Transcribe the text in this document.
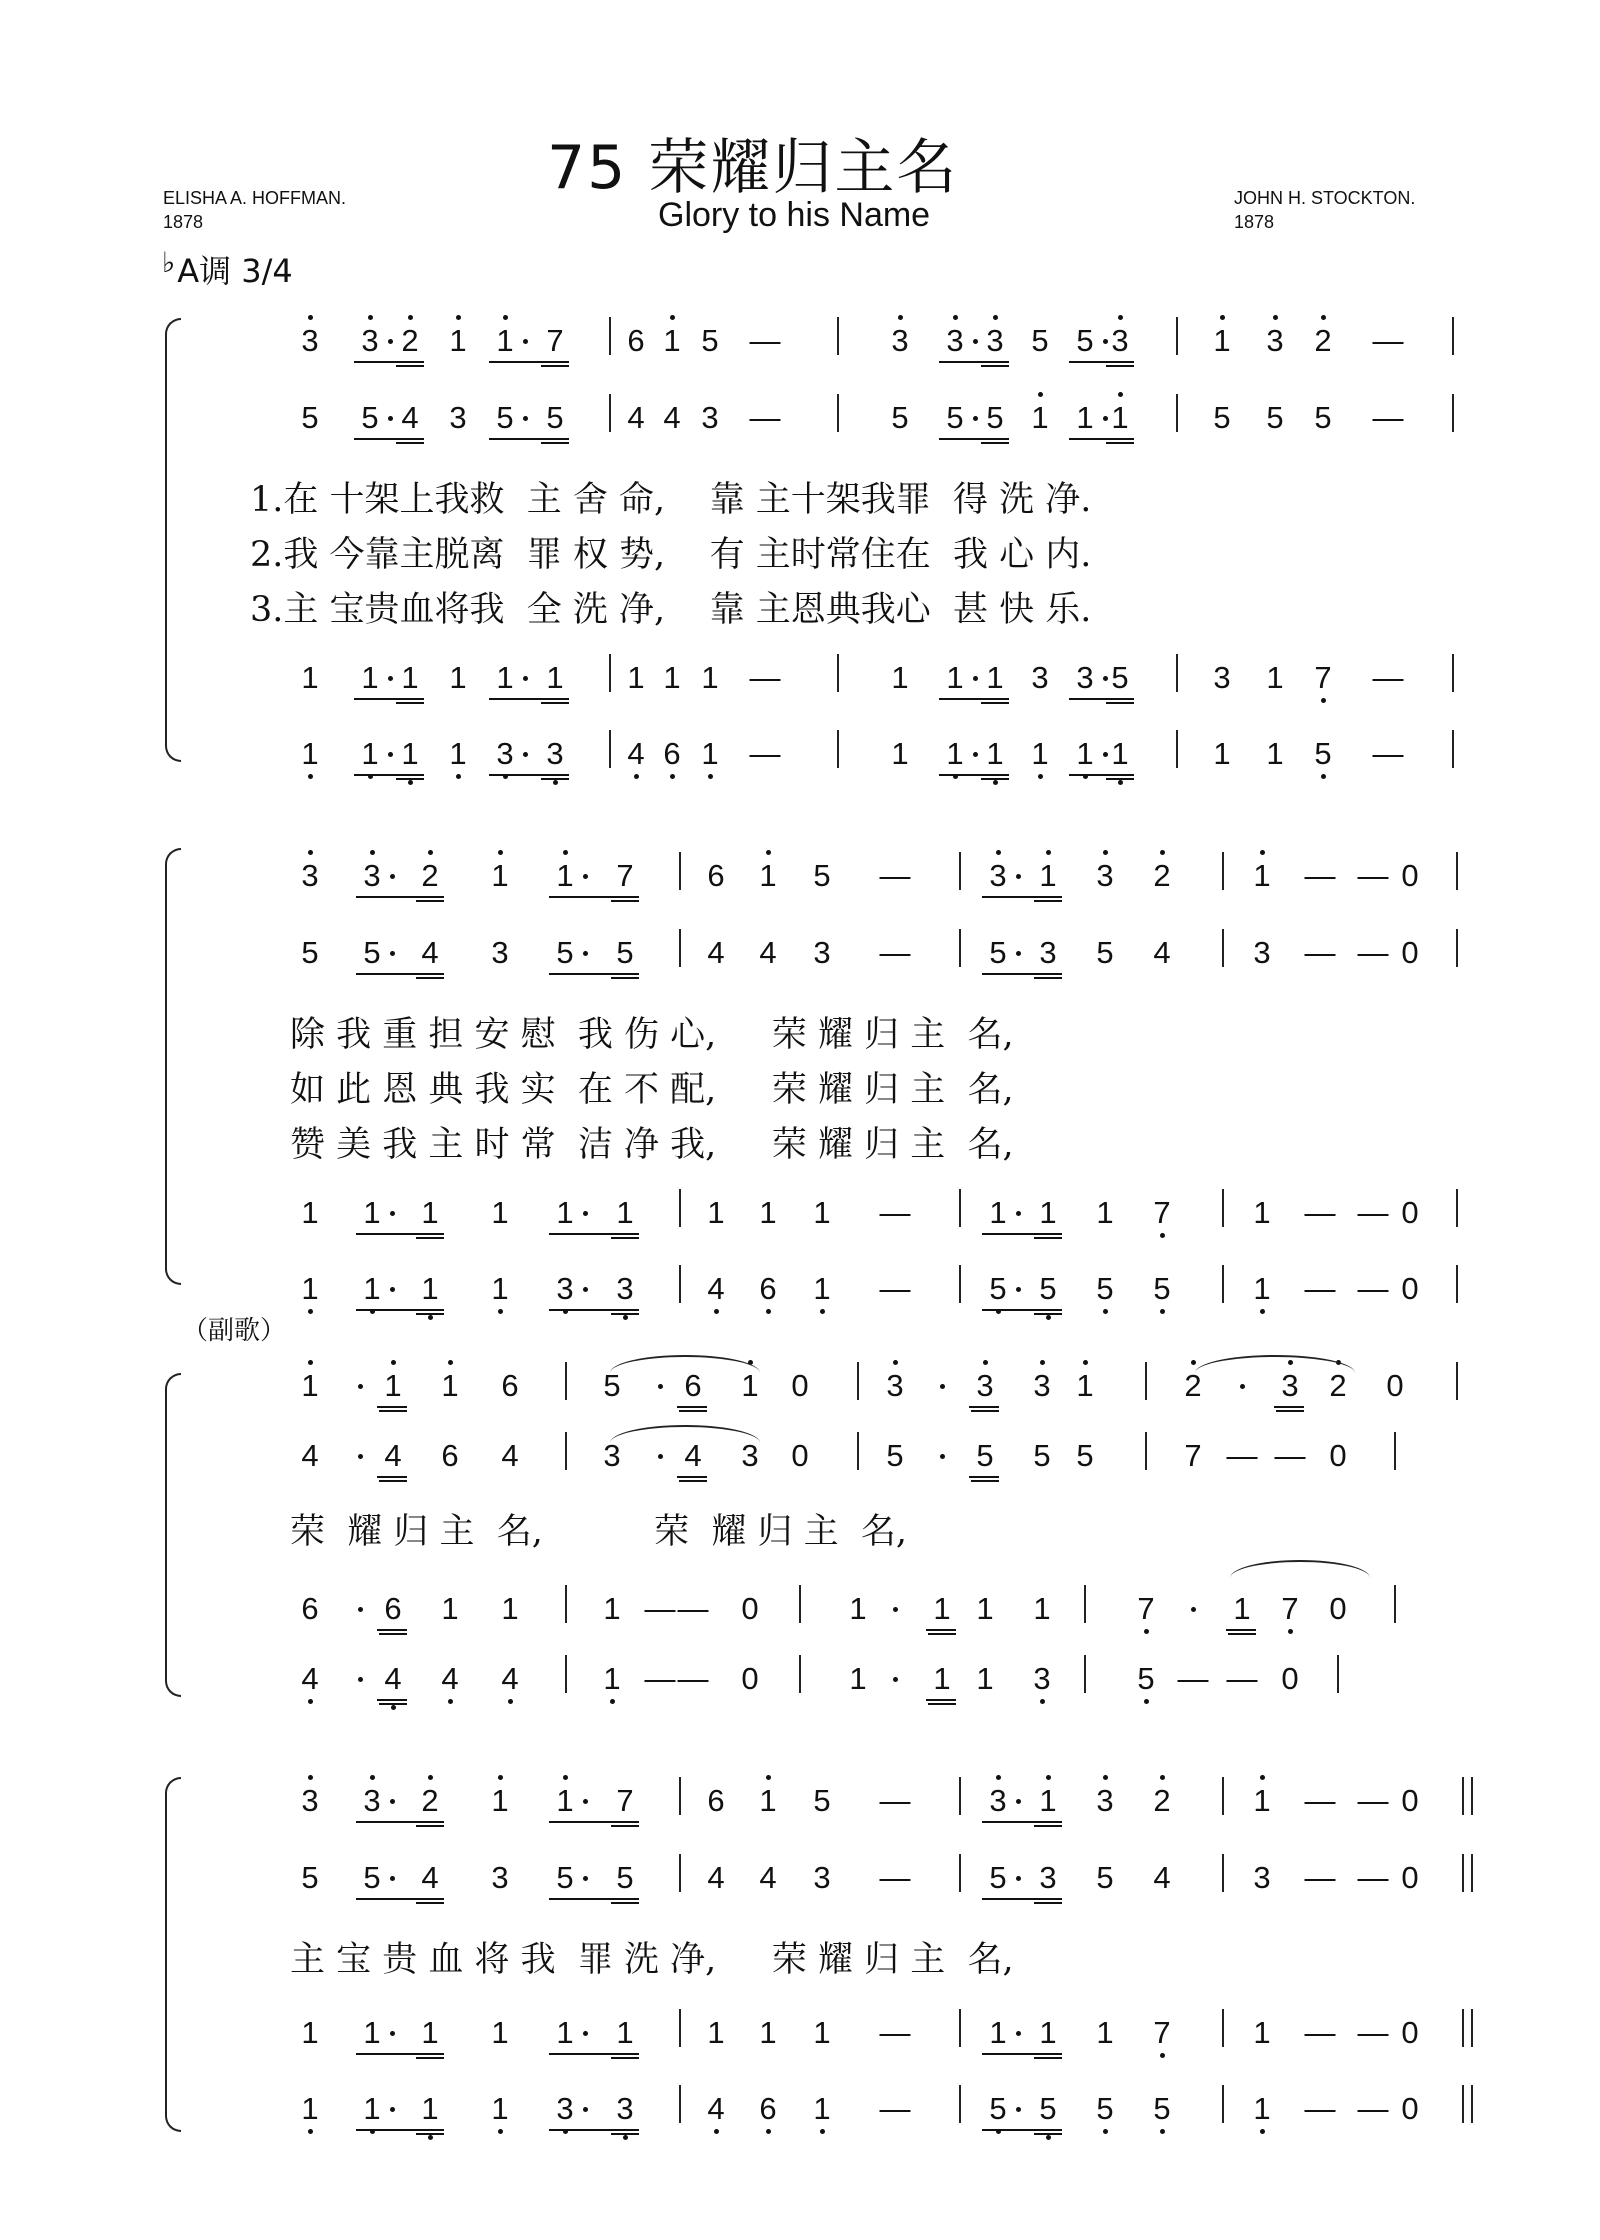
75 荣耀归主名
Glory to his Name
ELISHA A. HOFFMAN.
1878
JOHN H. STOCKTON.
1878
♭A调 3/4
（副歌）
3 3 2 1 1 7 6 1 5 —	3 3 3 5 5 3	1 3 2 —
5 5 4 3 5 5 4 4 3 —	5 5 5 1 1 1	5 5 5 —
1.在 十架上我救  主 舍 命,    靠 主十架我罪  得 洗 净.
2.我 今靠主脱离  罪 权 势,    有 主时常住在  我 心 内.
3.主 宝贵血将我  全 洗 净,    靠 主恩典我心  甚 快 乐.
1 1 1 1 1 1 1 1 1 —	1 1 1 3 3 5	3 1 7 —
1 1 1 1 3 3 4 6 1 —	1 1 1 1 1 1	1 1 5 —
3 3 2 1 1 7 6 1 5 —	3 1 3 2	1 — — 0
5 5 4 3 5 5 4 4 3 —	5 3 5 4	3 — — 0
除 我 重 担 安 慰  我 伤 心,     荣 耀 归 主  名,
如 此 恩 典 我 实  在 不 配,     荣 耀 归 主  名,
赞 美 我 主 时 常  洁 净 我,     荣 耀 归 主  名,
1 1 1 1 1 1 1 1 1 —	1 1 1 7	1 — — 0
1 1 1 1 3 3 4 6 1 —	5 5 5 5	1 — — 0
1 1 1 6	5 6 1 0	3 3 3 1	2	3 2 0
4 4 6 4	3 4 3 0	5 5 5 5	7 — — 0
荣  耀 归 主  名,          荣  耀 归 主  名,
6 6 1 1	1 — — 0	1 1 1 1	7	1 7 0
4 4 4 4	1 — — 0	1 1 1 3	5 — — 0
3 3 2 1 1 7 6 1 5 —	3 1 3 2	1 — — 0
5 5 4 3 5 5 4 4 3 —	5 3 5 4	3 — — 0
主 宝 贵 血 将 我  罪 洗 净,     荣 耀 归 主  名,
1 1 1 1 1 1 1 1 1 —	1 1 1 7	1 — — 0
1 1 1 1 3 3 4 6 1 —	5 5 5 5	1 — — 0
